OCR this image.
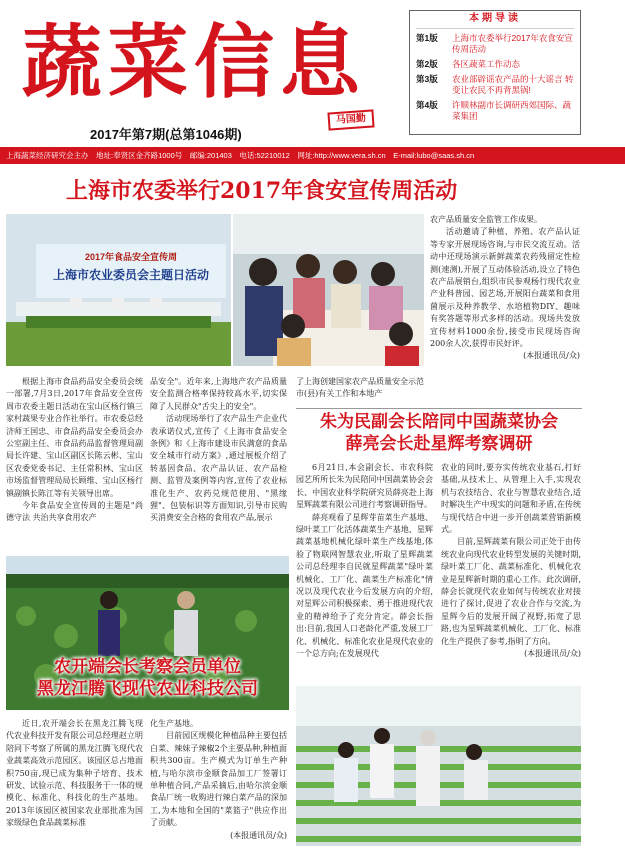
蔬 菜 信 息
马国勤
2017年第7期(总第1046期)
本期导读
第1版	上海市农委举行2017年农食安宣传周活动
第2版	各区蔬菜工作动态
第3版	农业部辟谣农产品的十大谣言 转变让农民不再背黑锅!
第4版	许顺林副市长调研西郊国际、蔬菜集团
上海蔬菜经济研究会主办　地址:奉贤区金齐路1000号　邮编:201403　电话:52210012　网址:http://www.vera.sh.cn　E-mail:lubo@saas.sh.cn
上海市农委举行2017年食安宣传周活动
2017年食品安全宣传周
上海市农业委员会主题日活动

根据上海市食品药品安全委员会统一部署,7月3日,2017年食品安全宣传周市农委主题日活动在宝山区杨行镇三家村蔬果专业合作社举行。市农委总经济师王国忠、市食品药品安全委员会办公室副主任、市食品药品监督管理局副局长许建、宝山区副区长陈云彬、宝山区农委党委书记、主任常积林、宝山区市场监督管理局局长顾维、宝山区杨行镇副镇长陈江等有关领导出席。

今年食品安全宣传周的主题是"尚德守法 共治共享食用农产

品安全"。近年来,上海地产农产品质量安全监测合格率保持较高水平,切实保障了人民群众"舌尖上的安全"。

活动现场举行了农产品生产企业代表承诺仪式,宣传了《上海市食品安全条例》和《上海市建设市民满意的食品安全城市行动方案》,通过展板介绍了转基因食品、农产品认证、农产品检测、监管及案例等内容,宣传了农业标准化生产、农药兑规范使用、"黑缘狸"、包装标识等方面知识,引导市民购买消费安全合格的食用农产品,展示

了上海创建国家农产品质量安全示范市(县)有关工作和本地产

农产品质量安全监管工作成果。

活动邀请了种植、养殖、农产品认证等专家开展现场咨询,与市民交流互动。活动中还现场演示新鲜蔬菜农药残留定性检测(速测),开展了互动体验活动,设立了特色农产品展销台,组织市民参观杨行现代农业产业科普园、园艺场,开展阳台蔬菜和食用菌展示及种养教学、水培植物DIY、趣味有奖答题等形式多样的活动。现场共发放宣传材料1000余份,接受市民现场咨询200余人次,获得市民好评。

(本报通讯员/众)
朱为民副会长陪同中国蔬菜协会
薛亮会长赴星辉考察调研

6月21日,本会副会长、市农科院园艺所所长朱为民陪同中国蔬菜协会会长、中国农业科学院研究员薛亮赴上海星辉蔬菜有限公司进行考察调研指导。

薛亮观看了星辉芽苗菜生产基地、绿叶菜工厂化活体蔬菜生产基地、星辉蔬菜基地机械化绿叶菜生产线基地,体验了物联网智慧农业,听取了星辉蔬菜公司总经理李自民就星辉蔬菜"绿叶菜机械化、工厂化、蔬菜生产标准化"情况以及现代农业今后发展方向的介绍,对星辉公司积极探索、勇于推进现代农业的精神给予了充分肯定。薛会长指出:目前,我国人口老龄化严重,发展工厂化、机械化、标准化农业是现代农业的一个总方向;在发展现代

农业的同时,要夯实传统农业基石,打好基础,从技术上、从管理上入手,实现农机与农技结合、农业与智慧农业结合,适时解决生产中现实的问题和矛盾,在传统与现代结合中进一步开创蔬菜营销新模式。

目前,星辉蔬菜有限公司正处于由传统农业向现代农业转型发展的关键时期,绿叶菜工厂化、蔬菜标准化、机械化农业是星辉新时期的重心工作。此次调研,薛会长就现代农业如何与传统农业对接进行了探讨,促进了农业合作与交流,为星辉今后的发展开阔了视野,拓宽了思路,也为星辉蔬菜机械化、工厂化、标准化生产提供了参考,指明了方向。

(本报通讯员/众)
农开端会长考察会员单位
黑龙江腾飞现代农业科技公司

近日,农开端会长在黑龙江腾飞现代农业科技开发有限公司总经理赵立明陪同下考察了所属的黑龙江腾飞现代农业蔬菜高效示范园区。该园区总占地面积750亩,现已成为集种子培育、技术研发、试验示范、科技服务于一体的规模化、标准化、科技化的生产基地。2013年该园区被国家农业部批准为国家级绿色食品蔬菜标准

化生产基地。

目前园区规模化种植品种主要包括白菜、辣妹子辣椒2个主要品种,种植面积共300亩。生产模式为订单生产种植,与哈尔滨市金顺食品加工厂签署订单种植合同,产品采摘后,由哈尔滨金顺食品厂统一收购进行辣白菜产品的深加工,为本地和全国的"菜篮子"供应作出了贡献。

(本报通讯员/众)
